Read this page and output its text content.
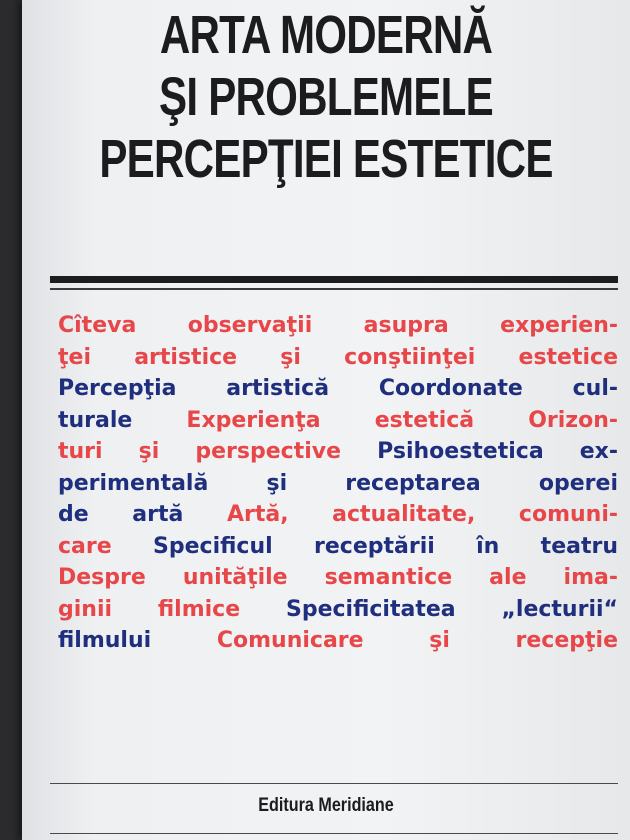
ARTA MODERNĂ
ŞI PROBLEMELE
PERCEPŢIEI ESTETICE
Cîteva observaţii asupra experien-
ţei artistice şi conştiinţei estetice
Percepţia artistică Coordonate cul-
turale Experienţa estetică Orizon-
turi şi perspective Psihoestetica ex-
perimentală şi receptarea operei
de artă Artă, actualitate, comuni-
care Specificul receptării în teatru
Despre unităţile semantice ale ima-
ginii filmice Specificitatea „lecturii“
filmului Comunicare şi recepţie
Editura Meridiane
